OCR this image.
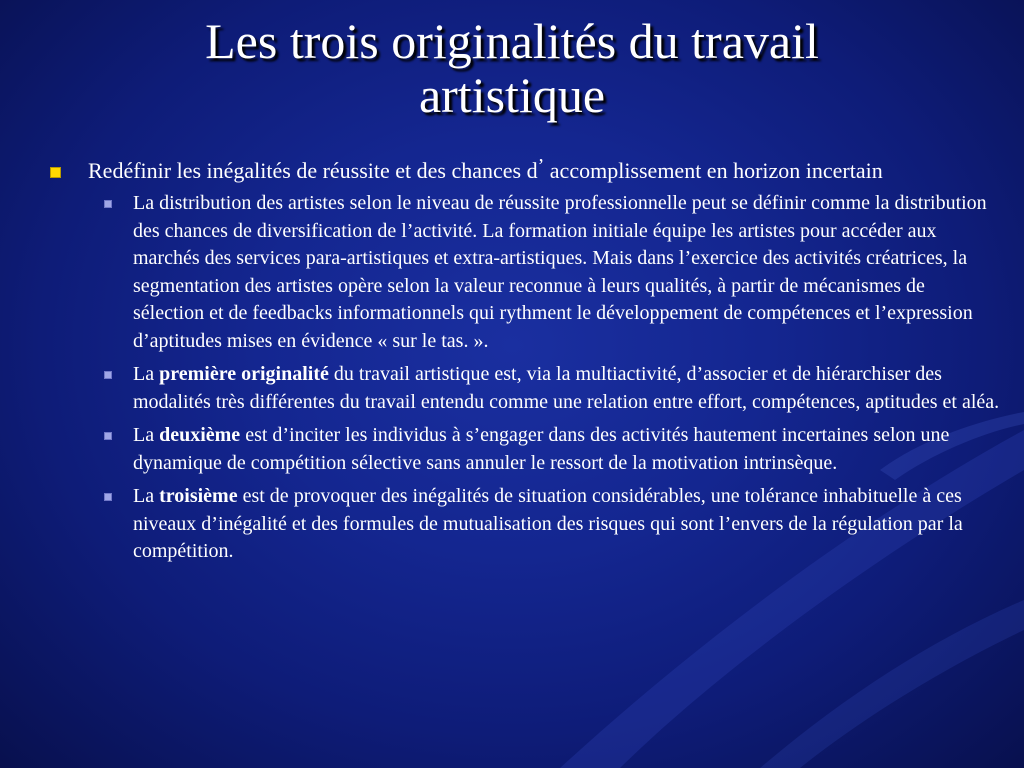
Les trois originalités du travail
artistique
Redéfinir les inégalités de réussite et des chances d’ accomplissement en horizon incertain
La distribution des artistes selon le niveau de réussite professionnelle peut se définir comme la distribution des chances de diversification de l’activité. La formation initiale équipe les artistes pour accéder aux marchés des services para-artistiques et extra-artistiques. Mais dans l’exercice des activités créatrices, la segmentation des artistes opère selon la valeur reconnue à leurs qualités, à partir de mécanismes de sélection et de feedbacks informationnels qui rythment le développement de compétences et l’expression d’aptitudes mises en évidence « sur le tas. ».
La première originalité du travail artistique est, via la multiactivité, d’associer et de hiérarchiser des modalités très différentes du travail entendu comme une relation entre effort, compétences, aptitudes et aléa.
La deuxième est d’inciter les individus à s’engager dans des activités hautement incertaines selon une dynamique de compétition sélective sans annuler le ressort de la motivation intrinsèque.
La troisième est de provoquer des inégalités de situation considérables, une tolérance inhabituelle à ces niveaux d’inégalité et des formules de mutualisation des risques qui sont l’envers de la régulation par la compétition.
